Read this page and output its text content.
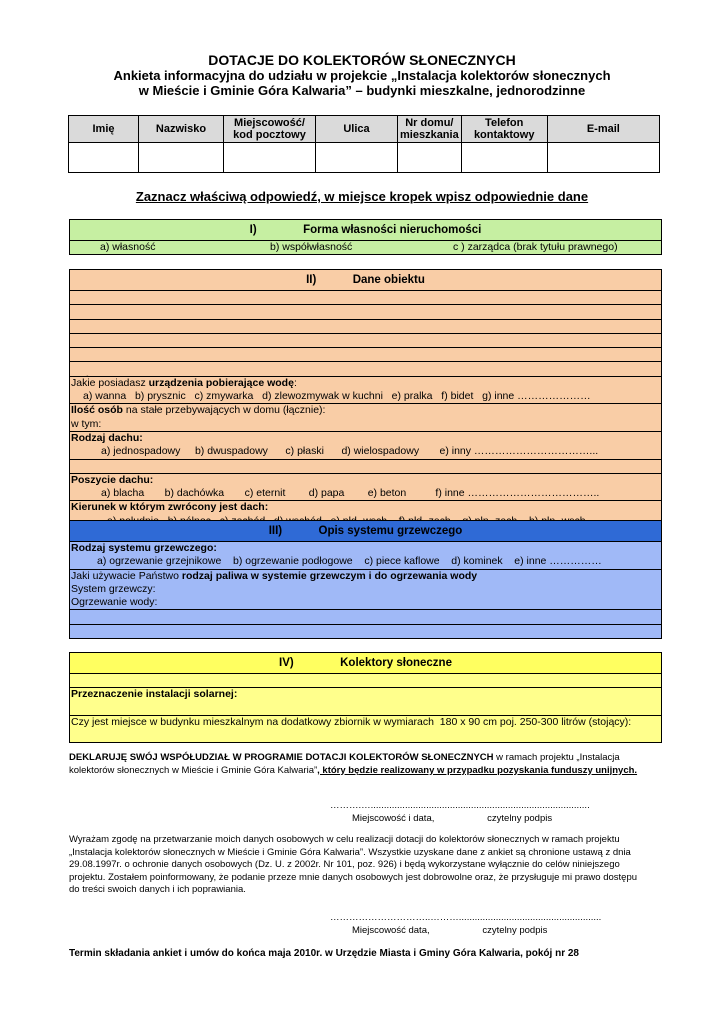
DOTACJE DO KOLEKTORÓW SŁONECZNYCH
Ankieta informacyjna do udziału w projekcie „Instalacja kolektorów słonecznych
w Mieście i Gminie Góra Kalwaria” – budynki mieszkalne, jednorodzinne
Imię	Nazwisko	Miejscowość/ kod pocztowy	Ulica	Nr domu/ mieszkania	Telefon kontaktowy	E-mail

Zaznacz właściwą odpowiedź, w miejsce kropek wpisz odpowiednie dane
I)	Forma własności nieruchomości
a) własność	b) współwłasność	c ) zarządca (brak tytułu prawnego)
II)	Dane obiektu

Jakie posiadasz urządzenia pobierające wodę:
a) wanna   b) prysznic   c) zmywarka   d) zlewozmywak w kuchni   e) pralka   f) bidet   g) inne …………………
Ilość osób na stałe przebywających w domu (łącznie):

w tym:

Rodzaj dachu:
a) jednospadowy     b) dwuspadowy      c) płaski      d) wielospadowy       e) inny ……………………………...

Poszycie dachu:
a) blacha       b) dachówka       c) eternit        d) papa        e) beton          f) inne ………………………………..
Kierunek w którym zwrócony jest dach:
III)	Opis systemu grzewczego
Rodzaj systemu grzewczego:
a) ogrzewanie grzejnikowe    b) ogrzewanie podłogowe    c) piece kaflowe    d) kominek    e) inne ……………
Jaki używacie Państwo rodzaj paliwa w systemie grzewczym i do ogrzewania wody
System grzewczy:

Ogrzewanie wody:

IV)	Kolektory słoneczne

Przeznaczenie instalacji solarnej:

Czy jest miejsce w budynku mieszkalnym na dodatkowy zbiornik w wymiarach  180 x 90 cm poj. 250-300 litrów (stojący):

DEKLARUJĘ SWÓJ WSPÓŁUDZIAŁ W PROGRAMIE DOTACJI KOLEKTORÓW SŁONECZNYCH w ramach projektu „Instalacja
kolektorów słonecznych w Mieście i Gminie Góra Kalwaria”, który będzie realizowany w przypadku pozyskania funduszy unijnych.
……….…...................................................................................
Miejscowość i data,                    czytelny podpis
Wyrażam zgodę na przetwarzanie moich danych osobowych w celu realizacji dotacji do kolektorów słonecznych w ramach projektu
„Instalacja kolektorów słonecznych w Mieście i Gminie Góra Kalwaria”. Wszystkie uzyskane dane z ankiet są chronione ustawą z dnia
29.08.1997r. o ochronie danych osobowych (Dz. U. z 2002r. Nr 101, poz. 926) i będą wykorzystane wyłącznie do celów niniejszego
projektu. Zostałem poinformowany, że podanie przeze mnie danych osobowych jest dobrowolne oraz, że przysługuje mi prawo dostępu
do treści swoich danych i ich poprawiania.
…………………………..………......................................................
Miejscowość data,                    czytelny podpis
Termin składania ankiet i umów do końca maja 2010r. w Urzędzie Miasta i Gminy Góra Kalwaria, pokój nr 28
